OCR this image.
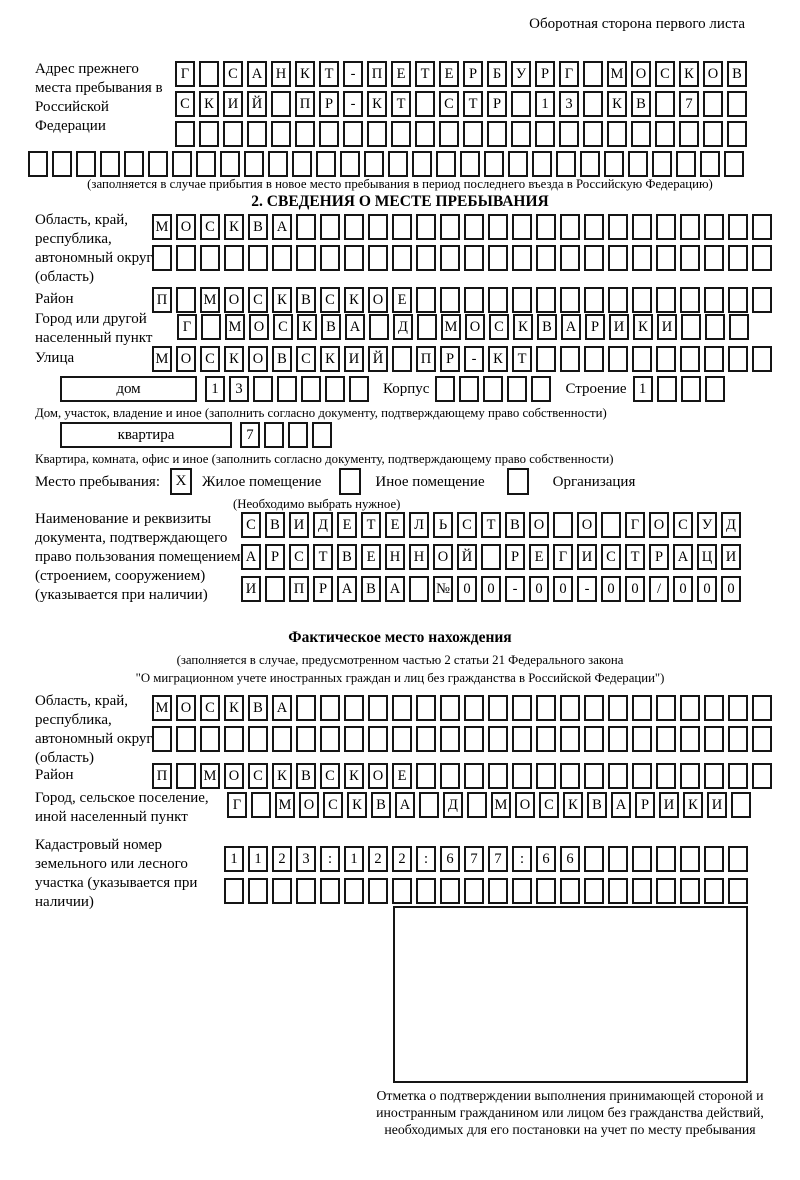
Оборотная сторона первого листа
Адрес прежнего места пребывания в Российской Федерации
Г	С А Н К	Т	-	П Е	Т	Е	Р	Б	У	Р	Г	М О С К О В
С К И Й	П	Р	-	К	Т	С	Т	Р	1	3	К В	7
(заполняется в случае прибытия в новое место пребывания в период последнего въезда в Российскую Федерацию)
2. СВЕДЕНИЯ О МЕСТЕ ПРЕБЫВАНИЯ
Область, край, республика, автономный округ (область)
М О С К В А
Район	П	М О С К В С К О Е
Город или другой населенный пункт
Г	М О С К В А	Д	М О С К В А	Р	И К И
Улица	М О С К О В С К И Й	П	Р	-	К	Т
дом	1	3	Корпус	Строение 1
Дом, участок, владение и иное (заполнить согласно документу, подтверждающему право собственности)
квартира	7
Квартира, комната, офис и иное (заполнить согласно документу, подтверждающему право собственности)
Место пребывания:	X	Жилое помещение	Иное помещение	Организация
(Необходимо выбрать нужное)
Наименование и реквизиты документа, подтверждающего право пользования помещением (строением, сооружением) (указывается при наличии)
С В И Д	Е	Т	Е	Л	Ь	С	Т	В О	О	Г	О С У Д
А	Р	С	Т	В	Е Н Н О Й	Р	Е	Г	И С	Т	Р	А Ц И
И	П	Р	А В А	№ 0	0	-	0	0	-	0	0	/	0	0	0
Фактическое место нахождения
(заполняется в случае, предусмотренном частью 2 статьи 21 Федерального закона
"О миграционном учете иностранных граждан и лиц без гражданства в Российской Федерации")
Область, край, республика, автономный округ (область)
М О С К В А
Район	П	М О С К В С К О Е
Город, сельское поселение, иной населенный пункт
Г	М О С К В А	Д	М О С К В А	Р	И К И
Кадастровый номер земельного или лесного участка (указывается при наличии)
1	1	2	3	:	1	2	2	:	6	7	7	:	6	6
Отметка о подтверждении выполнения принимающей стороной и иностранным гражданином или лицом без гражданства действий, необходимых для его постановки на учет по месту пребывания
